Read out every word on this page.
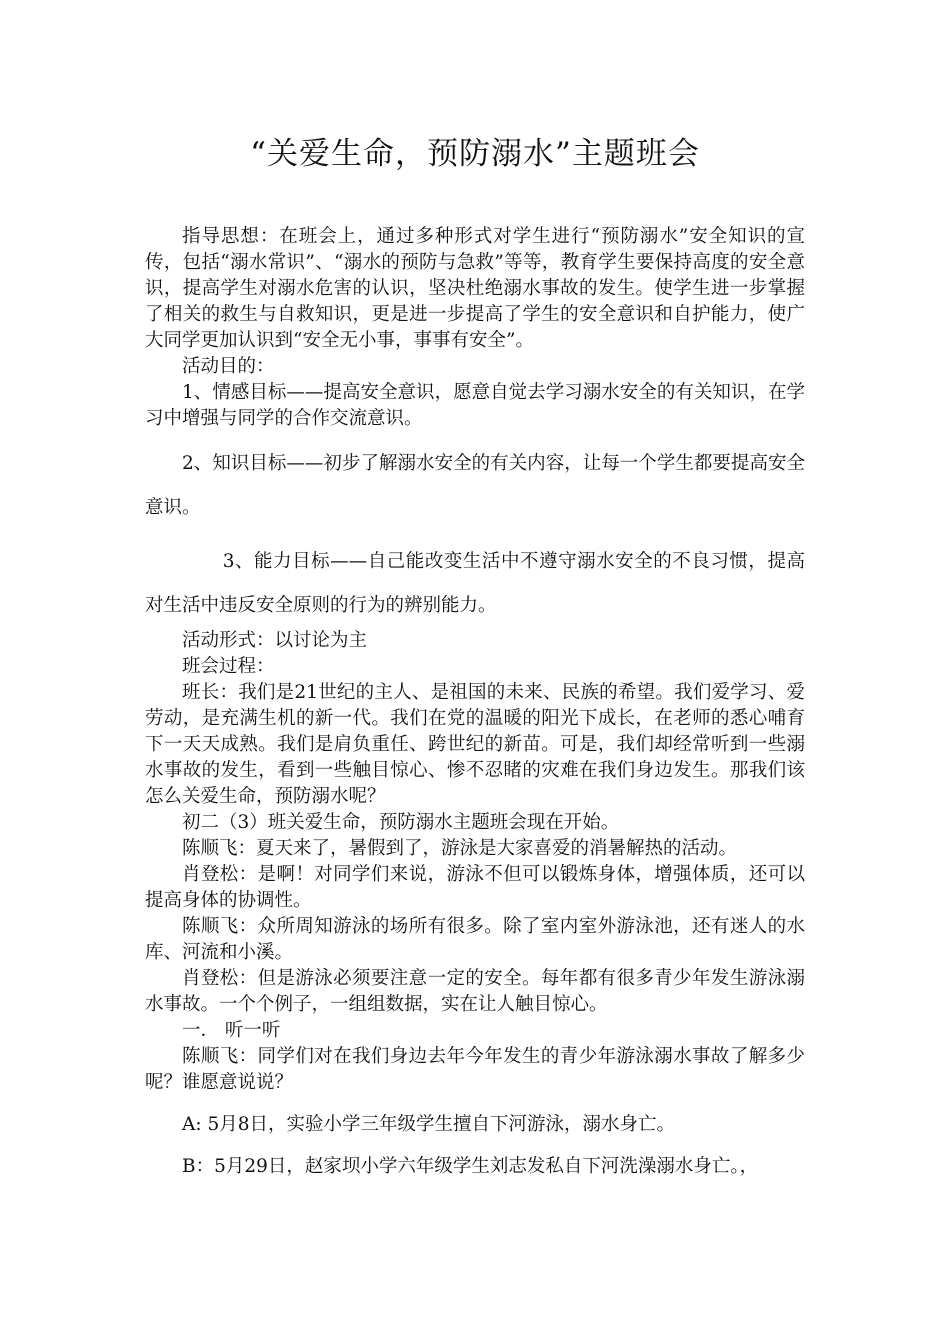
“关爱生命，预防溺水”主题班会

指导思想：在班会上，通过多种形式对学生进行“预防溺水”安全知识的宣传，包括“溺水常识”、“溺水的预防与急救”等等，教育学生要保持高度的安全意识，提高学生对溺水危害的认识，坚决杜绝溺水事故的发生。使学生进一步掌握了相关的救生与自救知识，更是进一步提高了学生的安全意识和自护能力，使广大同学更加认识到“安全无小事，事事有安全”。

活动目的：

1、情感目标——提高安全意识，愿意自觉去学习溺水安全的有关知识，在学习中增强与同学的合作交流意识。

2、知识目标——初步了解溺水安全的有关内容，让每一个学生都要提高安全意识。

3、能力目标——自己能改变生活中不遵守溺水安全的不良习惯，提高对生活中违反安全原则的行为的辨别能力。

活动形式：以讨论为主

班会过程：

班长：我们是21世纪的主人、是祖国的未来、民族的希望。我们爱学习、爱劳动，是充满生机的新一代。我们在党的温暖的阳光下成长，在老师的悉心哺育下一天天成熟。我们是肩负重任、跨世纪的新苗。可是，我们却经常听到一些溺水事故的发生，看到一些触目惊心、惨不忍睹的灾难在我们身边发生。那我们该怎么关爱生命，预防溺水呢？

初二（3）班关爱生命，预防溺水主题班会现在开始。

陈顺飞：夏天来了，暑假到了，游泳是大家喜爱的消暑解热的活动。

肖登松：是啊！对同学们来说，游泳不但可以锻炼身体，增强体质，还可以提高身体的协调性。

陈顺飞：众所周知游泳的场所有很多。除了室内室外游泳池，还有迷人的水库、河流和小溪。

肖登松：但是游泳必须要注意一定的安全。每年都有很多青少年发生游泳溺水事故。一个个例子，一组组数据，实在让人触目惊心。

一． 听一听

陈顺飞：同学们对在我们身边去年今年发生的青少年游泳溺水事故了解多少呢？谁愿意说说？

A: 5月8日，实验小学三年级学生擅自下河游泳，溺水身亡。

B：5月29日，赵家坝小学六年级学生刘志发私自下河洗澡溺水身亡。，
